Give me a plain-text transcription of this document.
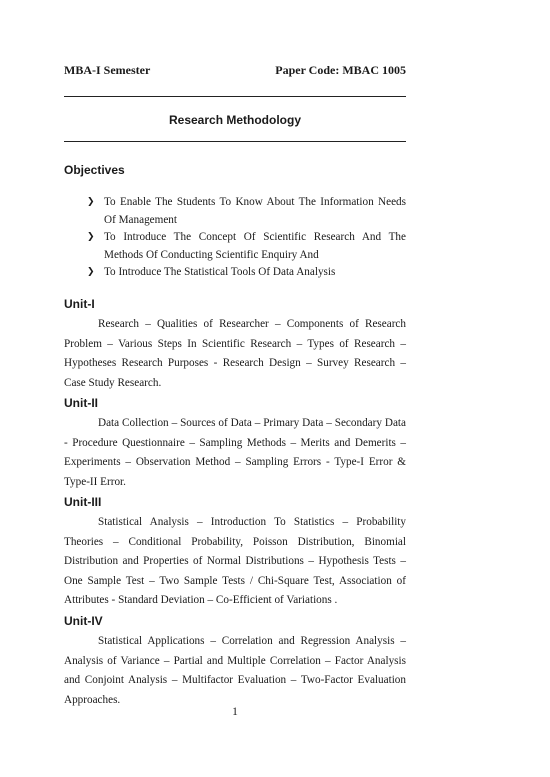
MBA-I Semester	Paper Code: MBAC 1005
Research Methodology
Objectives
❯ To Enable The Students To Know About The Information Needs Of Management
❯ To Introduce The Concept Of Scientific Research And The Methods Of Conducting Scientific Enquiry And
❯ To Introduce The Statistical Tools Of Data Analysis
Unit-I

Research – Qualities of Researcher – Components of Research Problem – Various Steps In Scientific Research – Types of Research – Hypotheses Research Purposes - Research Design – Survey Research – Case Study Research.

Unit-II

Data Collection – Sources of Data – Primary Data – Secondary Data - Procedure Questionnaire – Sampling Methods – Merits and Demerits – Experiments – Observation Method – Sampling Errors - Type-I Error & Type-II Error.

Unit-III

Statistical Analysis – Introduction To Statistics – Probability Theories – Conditional Probability, Poisson Distribution, Binomial Distribution and Properties of Normal Distributions – Hypothesis Tests – One Sample Test – Two Sample Tests / Chi-Square Test, Association of Attributes - Standard Deviation – Co-Efficient of Variations .

Unit-IV

Statistical Applications – Correlation and Regression Analysis – Analysis of Variance – Partial and Multiple Correlation – Factor Analysis and Conjoint Analysis – Multifactor Evaluation – Two-Factor Evaluation Approaches.

1
